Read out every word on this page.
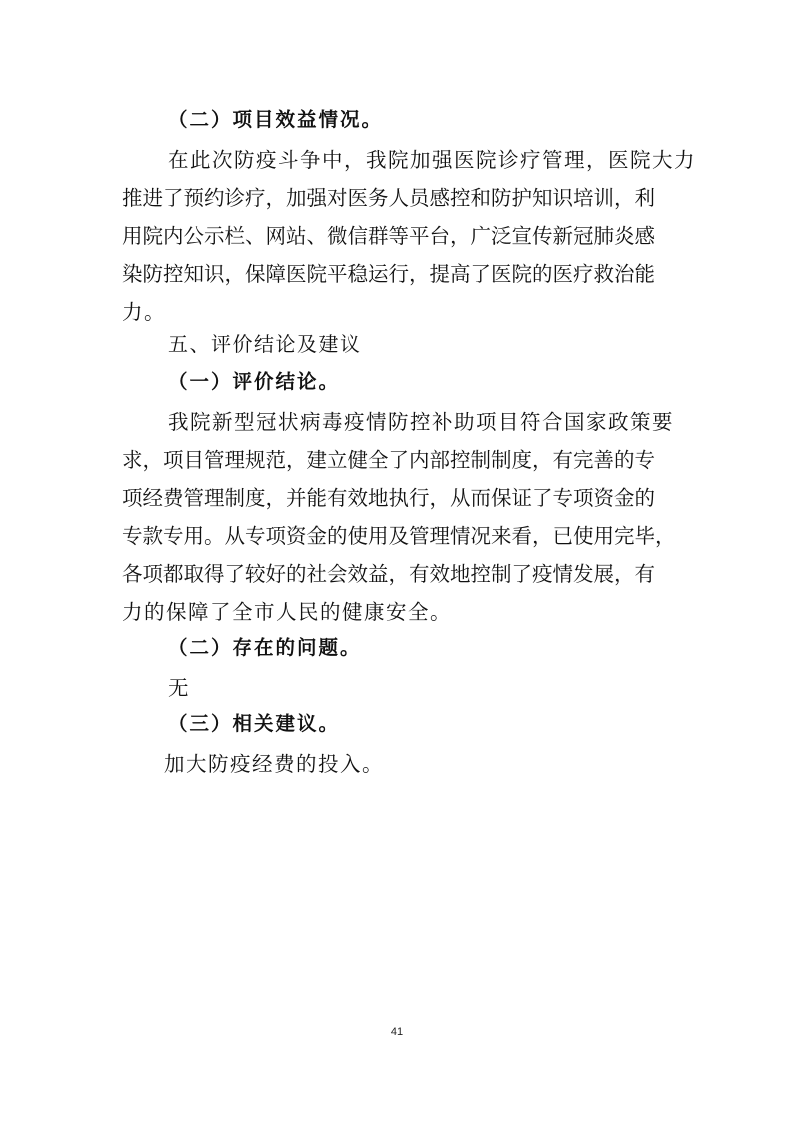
（二）项目效益情况。
在此次防疫斗争中，我院加强医院诊疗管理，医院大力
推进了预约诊疗，加强对医务人员感控和防护知识培训，利
用院内公示栏、网站、微信群等平台，广泛宣传新冠肺炎感
染防控知识，保障医院平稳运行，提高了医院的医疗救治能
力。
五、评价结论及建议
（一）评价结论。
我院新型冠状病毒疫情防控补助项目符合国家政策要
求，项目管理规范，建立健全了内部控制制度，有完善的专
项经费管理制度，并能有效地执行，从而保证了专项资金的
专款专用。从专项资金的使用及管理情况来看，已使用完毕，
各项都取得了较好的社会效益，有效地控制了疫情发展，有
力的保障了全市人民的健康安全。
（二）存在的问题。
无
（三）相关建议。
加大防疫经费的投入。
41
